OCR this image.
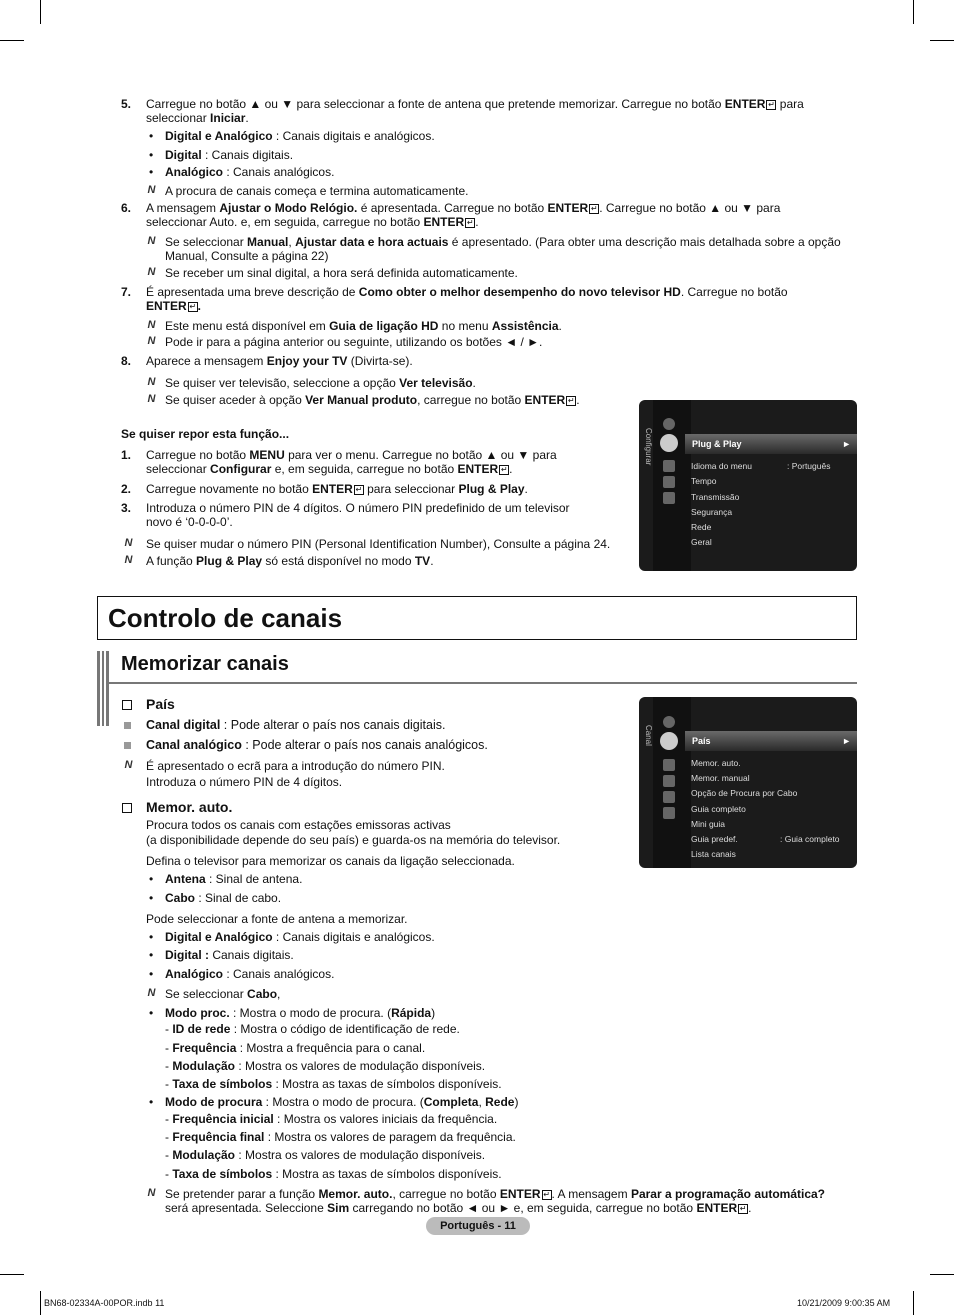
5. Carregue no botão ▲ ou ▼ para seleccionar a fonte de antena que pretende memorizar. Carregue no botão ENTER ↵ para
seleccionar Iniciar.
• Digital e Analógico : Canais digitais e analógicos.
• Digital : Canais digitais.
• Analógico : Canais analógicos.
N A procura de canais começa e termina automaticamente.
6. A mensagem Ajustar o Modo Relógio. é apresentada. Carregue no botão ENTER ↵ . Carregue no botão ▲ ou ▼ para
seleccionar Auto. e, em seguida, carregue no botão ENTER ↵ .
N Se seleccionar Manual, Ajustar data e hora actuais é apresentado. (Para obter uma descrição mais detalhada sobre a opção
Manual, Consulte a página 22)
N Se receber um sinal digital, a hora será definida automaticamente.
7. É apresentada uma breve descrição de Como obter o melhor desempenho do novo televisor HD. Carregue no botão
ENTER ↵ .
N Este menu está disponível em Guia de ligação HD no menu Assistência.
N Pode ir para a página anterior ou seguinte, utilizando os botões ◄ / ►.
8. Aparece a mensagem Enjoy your TV (Divirta-se).
N Se quiser ver televisão, seleccione a opção Ver televisão.
N Se quiser aceder à opção Ver Manual produto, carregue no botão ENTER ↵ .
Se quiser repor esta função...
1. Carregue no botão MENU para ver o menu. Carregue no botão ▲ ou ▼ para
seleccionar Configurar e, em seguida, carregue no botão ENTER ↵ .
2. Carregue novamente no botão ENTER ↵ para seleccionar Plug & Play.
3. Introduza o número PIN de 4 dígitos. O número PIN predefinido de um televisor
novo é ‘0-0-0-0’.
N Se quiser mudar o número PIN (Personal Identification Number), Consulte a página 24.
N A função Plug & Play só está disponível no modo TV.
Configurar	Plug & Play	►
Idioma do menu	: Português
Tempo
Transmissão
Segurança
Rede
Geral
Controlo de canais
Memorizar canais
País
Canal digital : Pode alterar o país nos canais digitais.
Canal analógico : Pode alterar o país nos canais analógicos.
N É apresentado o ecrã para a introdução do número PIN.
Introduza o número PIN de 4 dígitos.
Memor. auto.
Procura todos os canais com estações emissoras activas
(a disponibilidade depende do seu país) e guarda-os na memória do televisor.
Defina o televisor para memorizar os canais da ligação seleccionada.
• Antena : Sinal de antena.
• Cabo : Sinal de cabo.
Pode seleccionar a fonte de antena a memorizar.
• Digital e Analógico : Canais digitais e analógicos.
• Digital : Canais digitais.
• Analógico : Canais analógicos.
N Se seleccionar Cabo,
• Modo proc. : Mostra o modo de procura. (Rápida)
- ID de rede : Mostra o código de identificação de rede.
- Frequência : Mostra a frequência para o canal.
- Modulação : Mostra os valores de modulação disponíveis.
- Taxa de símbolos : Mostra as taxas de símbolos disponíveis.
• Modo de procura : Mostra o modo de procura. (Completa, Rede)
- Frequência inicial : Mostra os valores iniciais da frequência.
- Frequência final : Mostra os valores de paragem da frequência.
- Modulação : Mostra os valores de modulação disponíveis.
- Taxa de símbolos : Mostra as taxas de símbolos disponíveis.
N Se pretender parar a função Memor. auto., carregue no botão ENTER ↵ . A mensagem Parar a programação automática?
será apresentada. Seleccione Sim carregando no botão ◄ ou ► e, em seguida, carregue no botão ENTER ↵ .
Canal	País	►
Memor. auto.
Memor. manual
Opção de Procura por Cabo
Guia completo
Mini guia
Guia predef.	: Guia completo
Lista canais
Português - 11
BN68-02334A-00POR.indb 11	10/21/2009 9:00:35 AM
